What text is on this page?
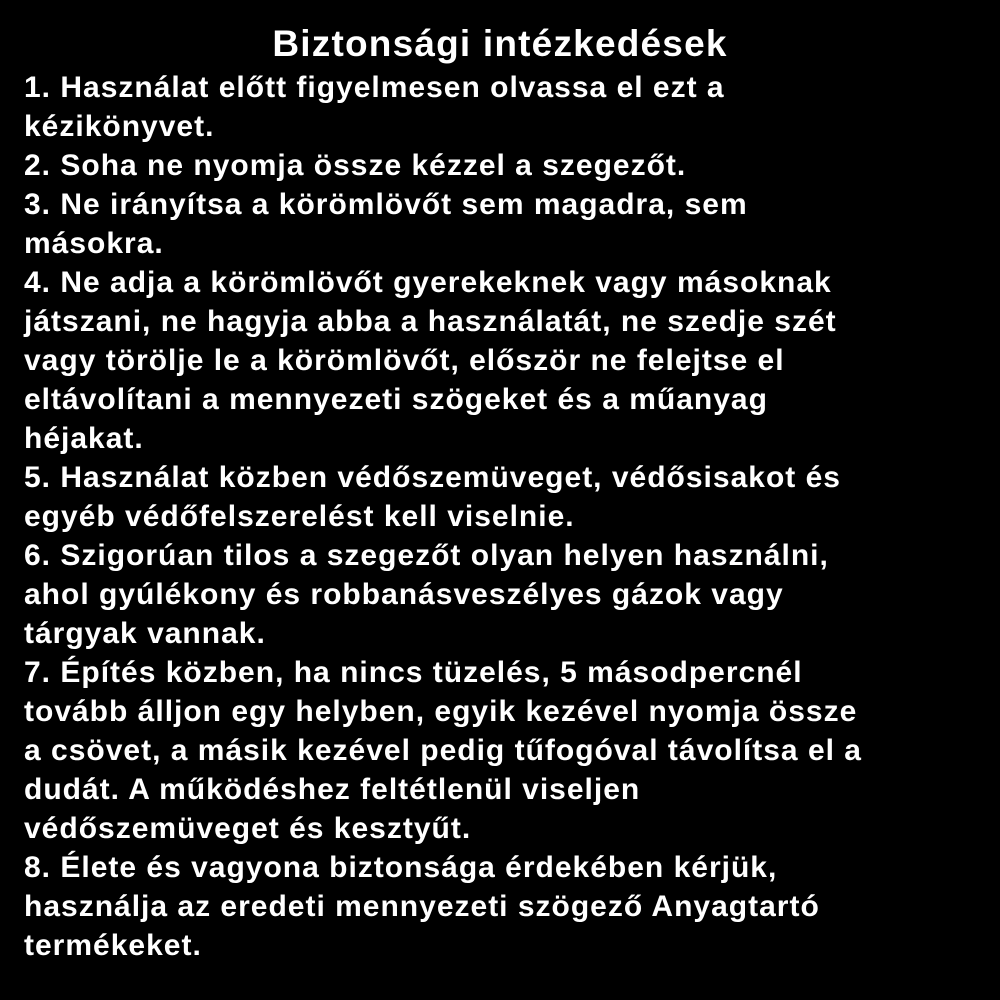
Biztonsági intézkedések
1. Használat előtt figyelmesen olvassa el ezt a
kézikönyvet.
2. Soha ne nyomja össze kézzel a szegezőt.
3. Ne irányítsa a körömlövőt sem magadra, sem
másokra.
4. Ne adja a körömlövőt gyerekeknek vagy másoknak
játszani, ne hagyja abba a használatát, ne szedje szét
vagy törölje le a körömlövőt, először ne felejtse el
eltávolítani a mennyezeti szögeket és a műanyag
héjakat.
5. Használat közben védőszemüveget, védősisakot és
egyéb védőfelszerelést kell viselnie.
6. Szigorúan tilos a szegezőt olyan helyen használni,
ahol gyúlékony és robbanásveszélyes gázok vagy
tárgyak vannak.
7. Építés közben, ha nincs tüzelés, 5 másodpercnél
tovább álljon egy helyben, egyik kezével nyomja össze
a csövet, a másik kezével pedig tűfogóval távolítsa el a
dudát. A működéshez feltétlenül viseljen
védőszemüveget és kesztyűt.
8. Élete és vagyona biztonsága érdekében kérjük,
használja az eredeti mennyezeti szögező Anyagtartó
termékeket.
